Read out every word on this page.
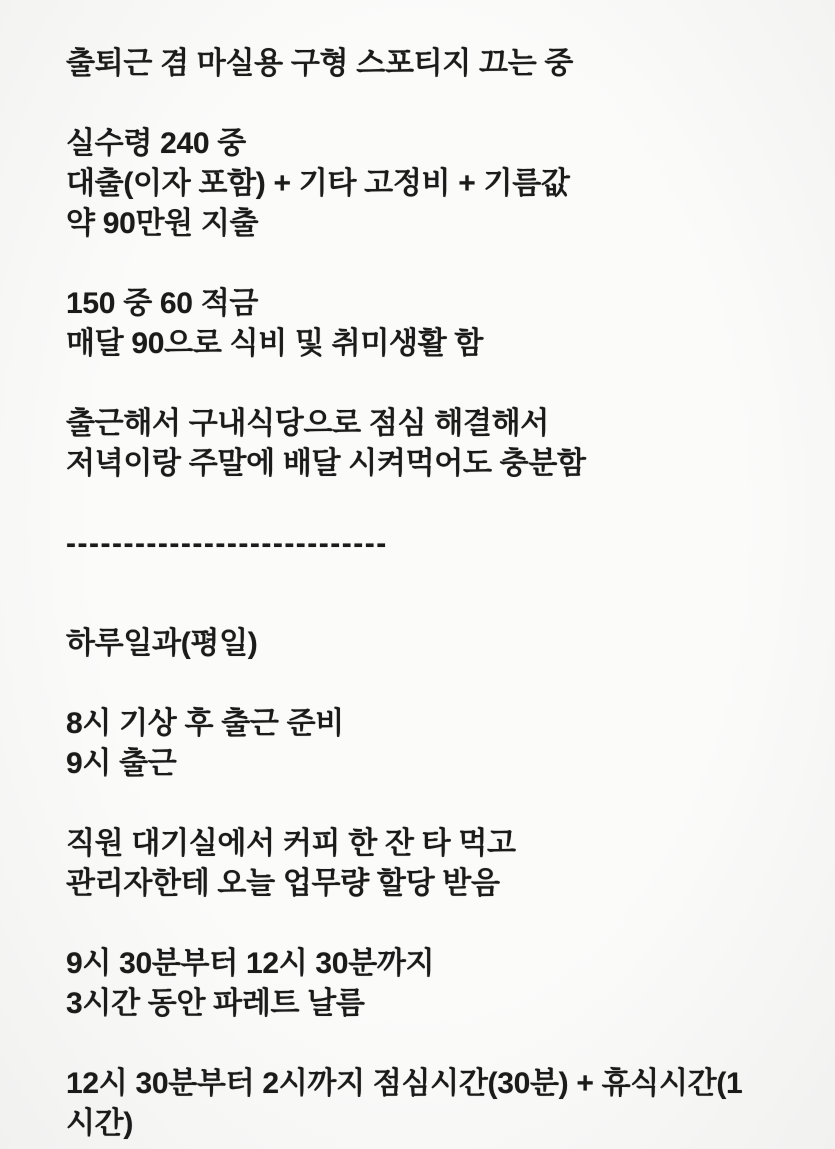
출퇴근 겸 마실용 구형 스포티지 끄는 중
실수령 240 중
대출(이자 포함) + 기타 고정비 + 기름값
약 90만원 지출
150 중 60 적금
매달 90으로 식비 및 취미생활 함
출근해서 구내식당으로 점심 해결해서
저녁이랑 주말에 배달 시켜먹어도 충분함
----------------------------
하루일과(평일)
8시 기상 후 출근 준비
9시 출근
직원 대기실에서 커피 한 잔 타 먹고
관리자한테 오늘 업무량 할당 받음
9시 30분부터 12시 30분까지
3시간 동안 파레트 날름
12시 30분부터 2시까지 점심시간(30분) + 휴식시간(1
시간)
